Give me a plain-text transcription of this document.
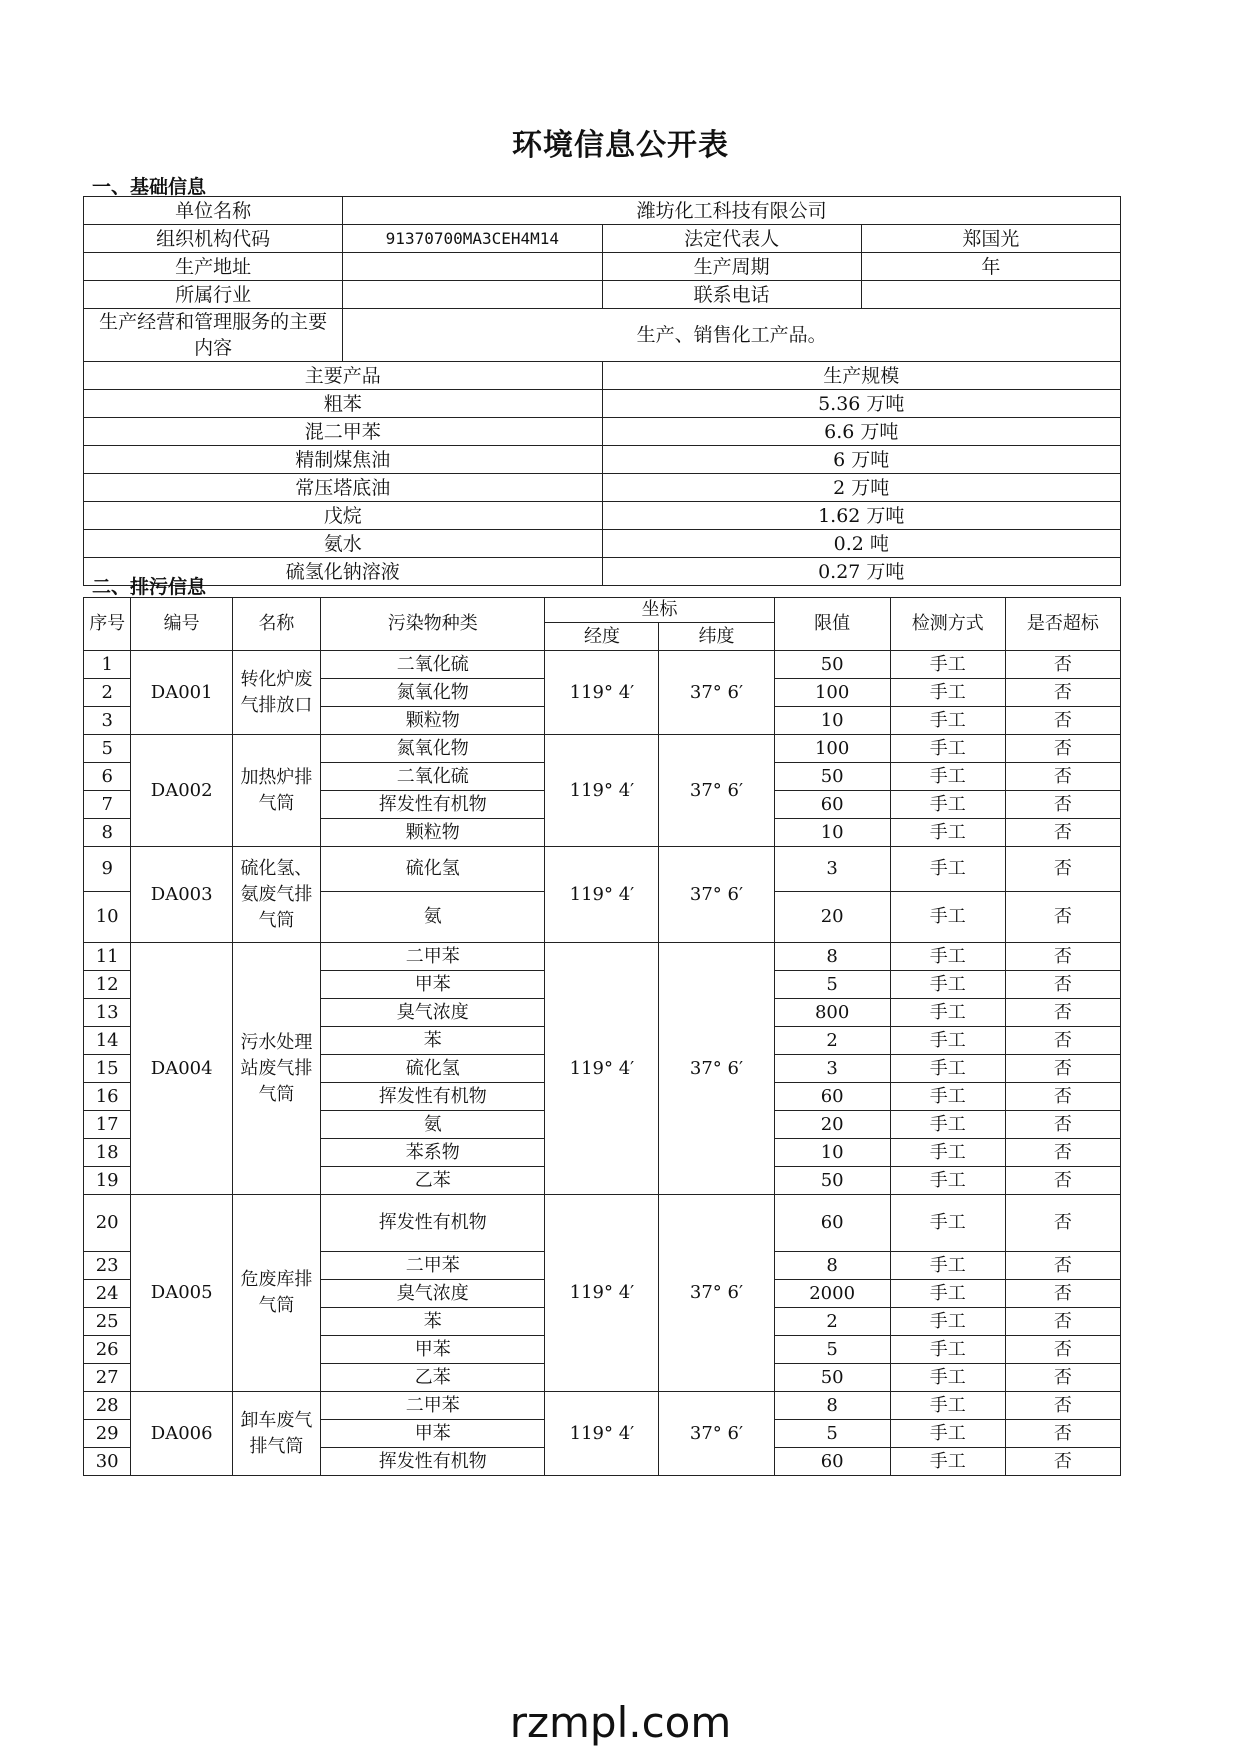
环境信息公开表
一、基础信息
单位名称	潍坊化工科技有限公司		
组织机构代码	91370700MA3CEH4M14	法定代表人	郑国光
生产地址		生产周期	年
所属行业		联系电话	
生产经营和管理服务的主要内容	生产、销售化工产品。		
主要产品		生产规模	
粗苯		5.36 万吨	
混二甲苯		6.6 万吨	
精制煤焦油		6 万吨	
常压塔底油		2 万吨	
戊烷		1.62 万吨	
氨水		0.2 吨	
硫氢化钠溶液		0.27 万吨	
二、排污信息
序号	编号	名称	污染物种类	坐标		限值	检测方式	是否超标
				经度	纬度			
1	DA001	转化炉废气排放口	二氧化硫	119° 4′	37° 6′	50	手工	否
2			氮氧化物			100	手工	否
3			颗粒物			10	手工	否
5	DA002	加热炉排气筒	氮氧化物	119° 4′	37° 6′	100	手工	否
6			二氧化硫			50	手工	否
7			挥发性有机物			60	手工	否
8			颗粒物			10	手工	否
9	DA003	硫化氢、氨废气排气筒	硫化氢	119° 4′	37° 6′	3	手工	否
10			氨			20	手工	否
11	DA004	污水处理站废气排气筒	二甲苯	119° 4′	37° 6′	8	手工	否
12			甲苯			5	手工	否
13			臭气浓度			800	手工	否
14			苯			2	手工	否
15			硫化氢			3	手工	否
16			挥发性有机物			60	手工	否
17			氨			20	手工	否
18			苯系物			10	手工	否
19			乙苯			50	手工	否
20	DA005	危废库排气筒	挥发性有机物	119° 4′	37° 6′	60	手工	否
23			二甲苯			8	手工	否
24			臭气浓度			2000	手工	否
25			苯			2	手工	否
26			甲苯			5	手工	否
27			乙苯			50	手工	否
28	DA006	卸车废气排气筒	二甲苯	119° 4′	37° 6′	8	手工	否
29			甲苯			5	手工	否
30			挥发性有机物			60	手工	否
rzmpl.com
